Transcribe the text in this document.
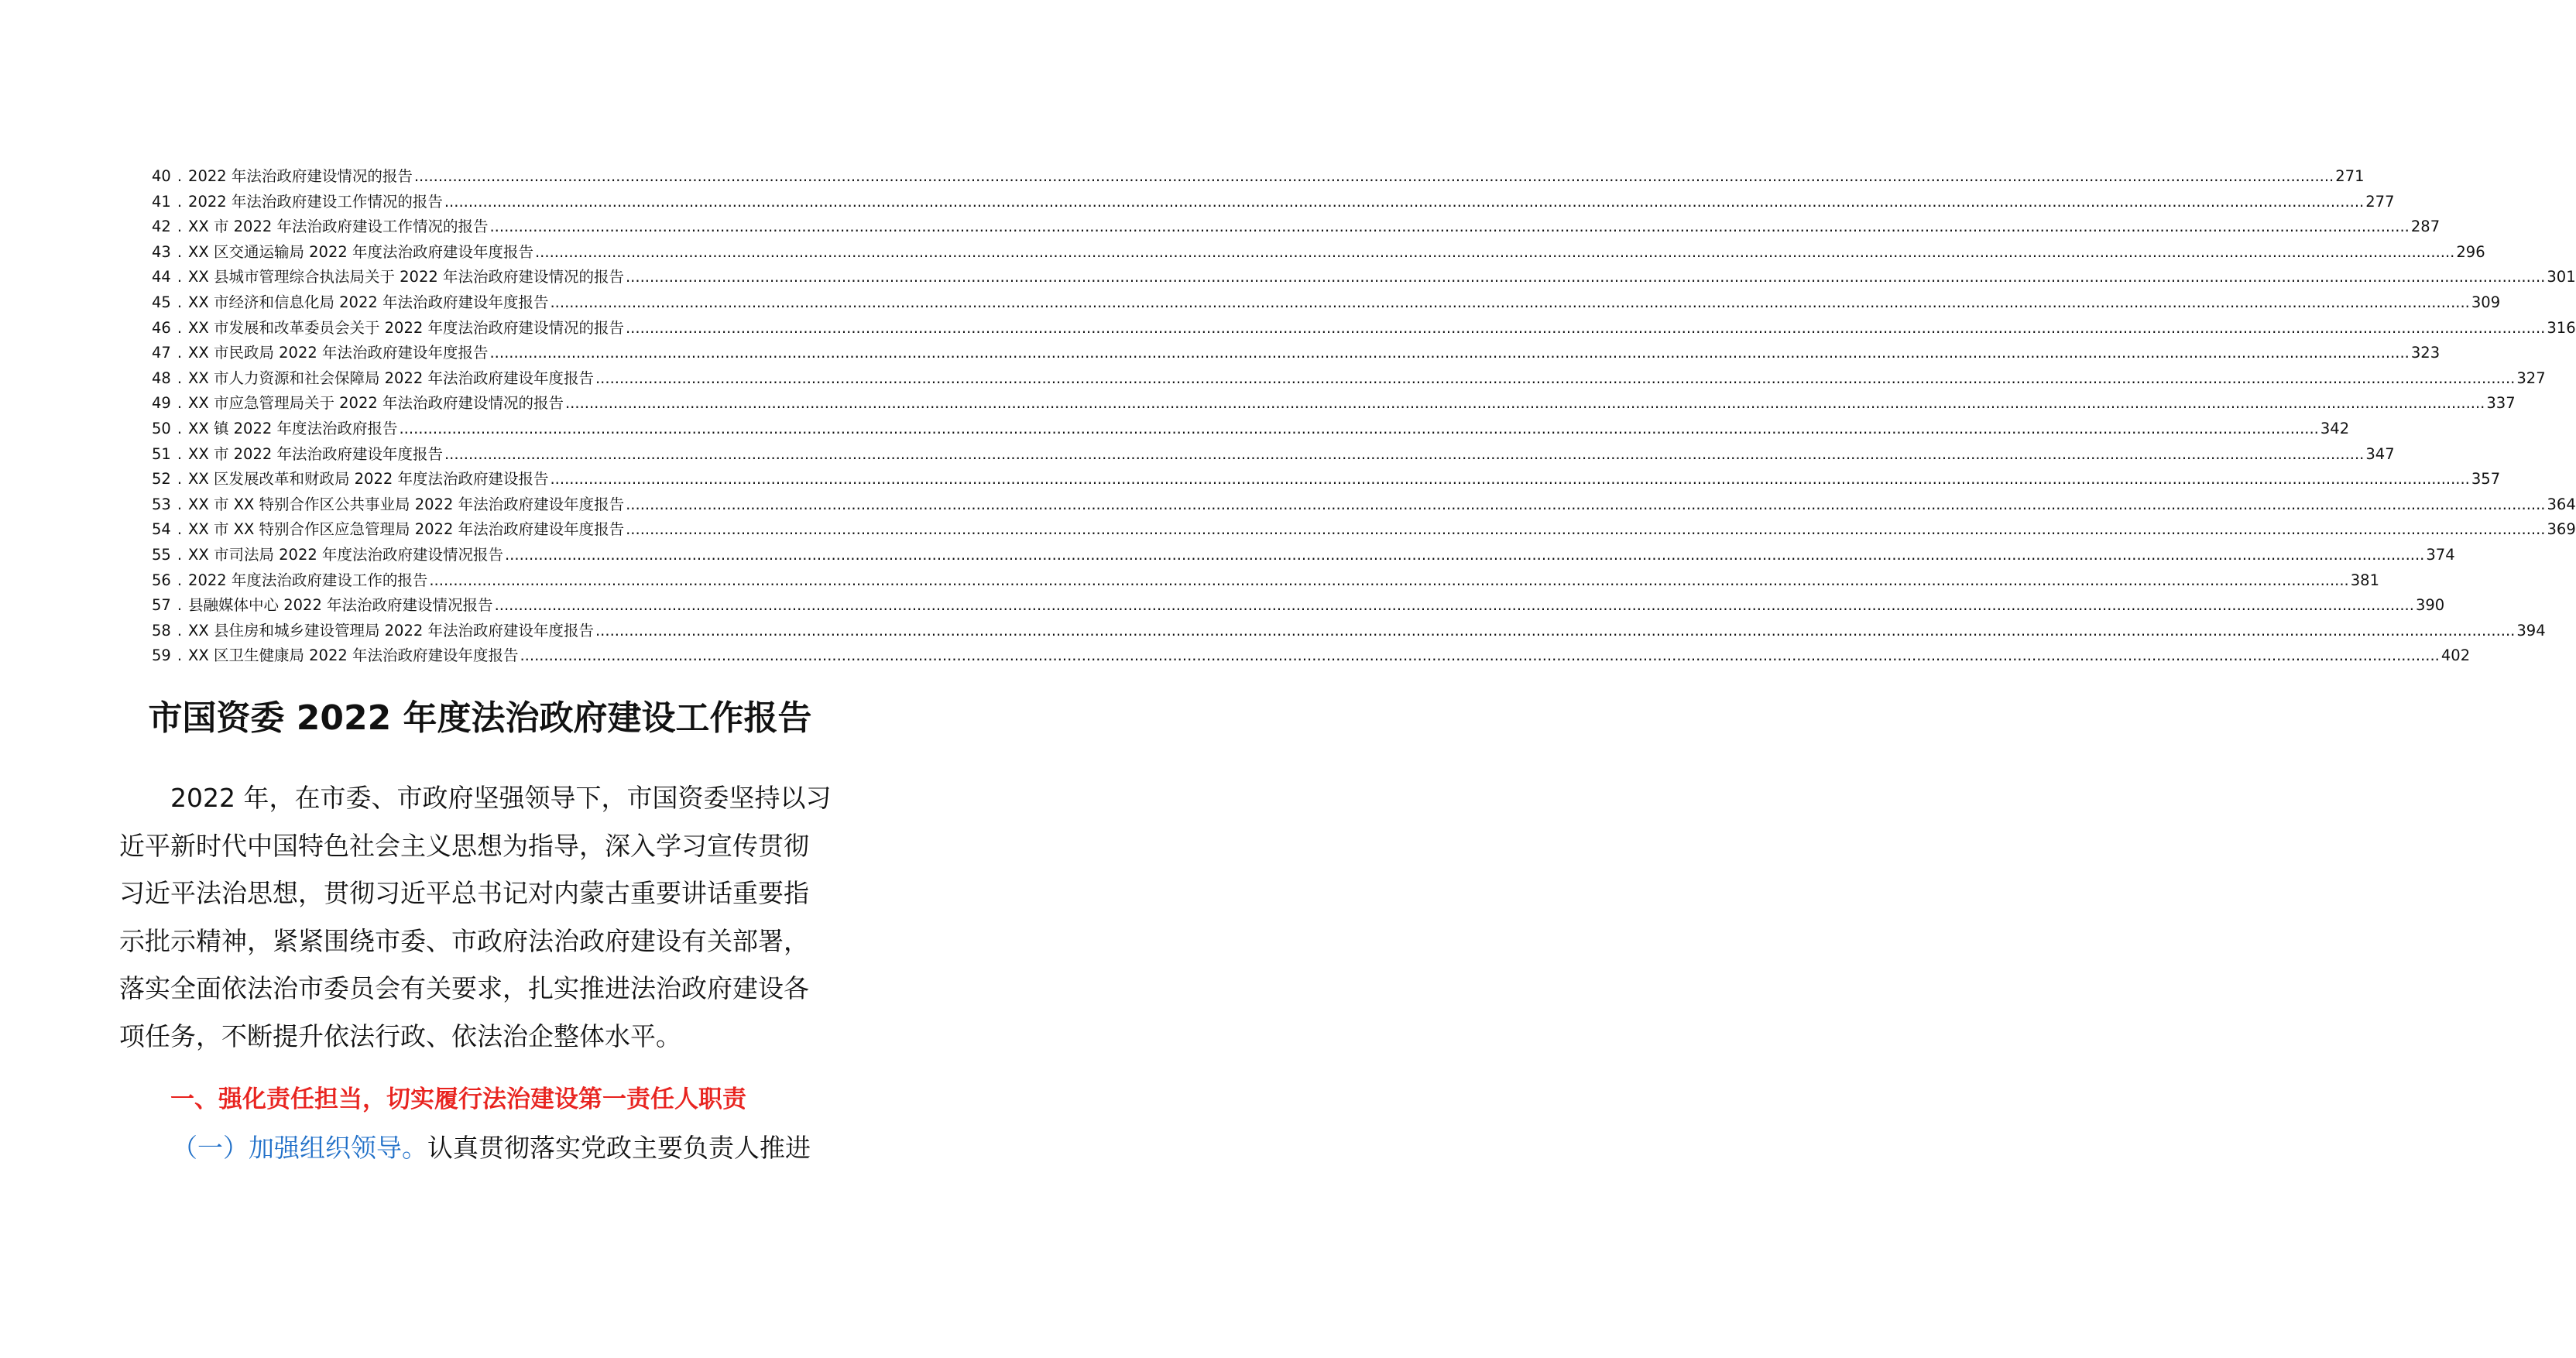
40 . 2022 年法治政府建设情况的报告 ................................................................................................................................................................................................................................................................................................................................................................................................................ 271
41 . 2022 年法治政府建设工作情况的报告 ................................................................................................................................................................................................................................................................................................................................................................................................................ 277
42 . XX 市 2022 年法治政府建设工作情况的报告 ................................................................................................................................................................................................................................................................................................................................................................................................................ 287
43 . XX 区交通运输局 2022 年度法治政府建设年度报告 ................................................................................................................................................................................................................................................................................................................................................................................................................ 296
44 . XX 县城市管理综合执法局关于 2022 年法治政府建设情况的报告 ................................................................................................................................................................................................................................................................................................................................................................................................................ 301
45 . XX 市经济和信息化局 2022 年法治政府建设年度报告 ................................................................................................................................................................................................................................................................................................................................................................................................................ 309
46 . XX 市发展和改革委员会关于 2022 年度法治政府建设情况的报告 ................................................................................................................................................................................................................................................................................................................................................................................................................ 316
47 . XX 市民政局 2022 年法治政府建设年度报告 ................................................................................................................................................................................................................................................................................................................................................................................................................ 323
48 . XX 市人力资源和社会保障局 2022 年法治政府建设年度报告 ................................................................................................................................................................................................................................................................................................................................................................................................................ 327
49 . XX 市应急管理局关于 2022 年法治政府建设情况的报告 ................................................................................................................................................................................................................................................................................................................................................................................................................ 337
50 . XX 镇 2022 年度法治政府报告 ................................................................................................................................................................................................................................................................................................................................................................................................................ 342
51 . XX 市 2022 年法治政府建设年度报告 ................................................................................................................................................................................................................................................................................................................................................................................................................ 347
52 . XX 区发展改革和财政局 2022 年度法治政府建设报告 ................................................................................................................................................................................................................................................................................................................................................................................................................ 357
53 . XX 市 XX 特别合作区公共事业局 2022 年法治政府建设年度报告 ................................................................................................................................................................................................................................................................................................................................................................................................................ 364
54 . XX 市 XX 特别合作区应急管理局 2022 年法治政府建设年度报告 ................................................................................................................................................................................................................................................................................................................................................................................................................ 369
55 . XX 市司法局 2022 年度法治政府建设情况报告 ................................................................................................................................................................................................................................................................................................................................................................................................................ 374
56 . 2022 年度法治政府建设工作的报告 ................................................................................................................................................................................................................................................................................................................................................................................................................ 381
57 . 县融媒体中心 2022 年法治政府建设情况报告 ................................................................................................................................................................................................................................................................................................................................................................................................................ 390
58 . XX 县住房和城乡建设管理局 2022 年法治政府建设年度报告 ................................................................................................................................................................................................................................................................................................................................................................................................................ 394
59 . XX 区卫生健康局 2022 年法治政府建设年度报告 ................................................................................................................................................................................................................................................................................................................................................................................................................ 402
市国资委 2022 年度法治政府建设工作报告
2022 年，在市委、市政府坚强领导下，市国资委坚持以习
近平新时代中国特色社会主义思想为指导，深入学习宣传贯彻
习近平法治思想，贯彻习近平总书记对内蒙古重要讲话重要指
示批示精神，紧紧围绕市委、市政府法治政府建设有关部署，
落实全面依法治市委员会有关要求，扎实推进法治政府建设各
项任务，不断提升依法行政、依法治企整体水平。
一、强化责任担当，切实履行法治建设第一责任人职责

（一）加强组织领导。认真贯彻落实党政主要负责人推进
